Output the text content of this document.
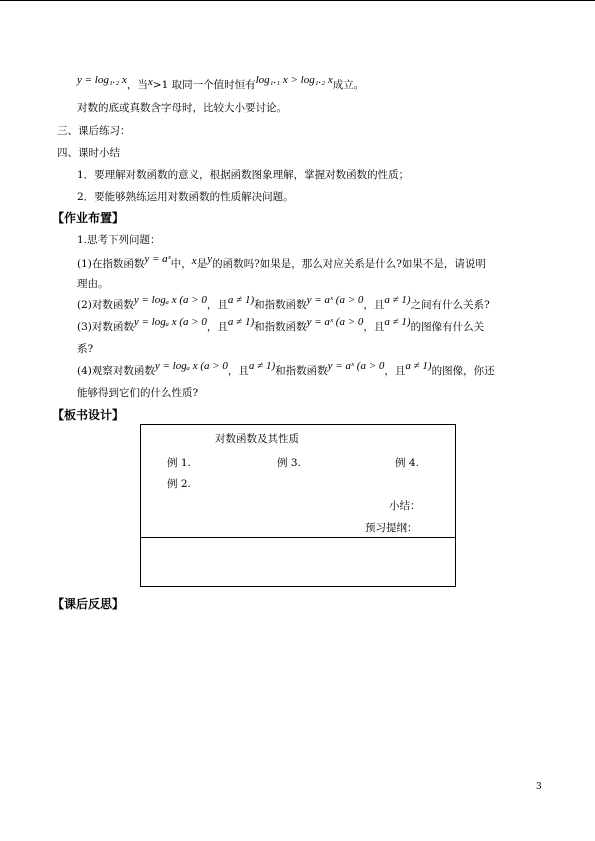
y = log₁.₂ x，当x>1 取同一个值时恒有log₁.₁ x > log₁.₂ x成立。
对数的底或真数含字母时，比较大小要讨论。
三、课后练习：
四、课时小结
1．要理解对数函数的意义，根据函数图象理解，掌握对数函数的性质；
2．要能够熟练运用对数函数的性质解决问题。
【作业布置】
1.思考下列问题：
(1)在指数函数y = aˣ中，x是y的函数吗?如果是，那么对应关系是什么?如果不是，请说明
理由。
(2)对数函数y = logₐ x (a > 0，且a ≠ 1)和指数函数y = aˣ (a > 0，且a ≠ 1)之间有什么关系?
(3)对数函数y = logₐ x (a > 0，且a ≠ 1)和指数函数y = aˣ (a > 0，且a ≠ 1)的图像有什么关
系?
(4)观察对数函数y = logₐ x (a > 0，且a ≠ 1)和指数函数y = aˣ (a > 0，且a ≠ 1)的图像，你还
能够得到它们的什么性质?
【板书设计】
对数函数及其性质
例 1.	例 3.	例 4.
例 2.
小结：
预习提纲：
【课后反思】
3
